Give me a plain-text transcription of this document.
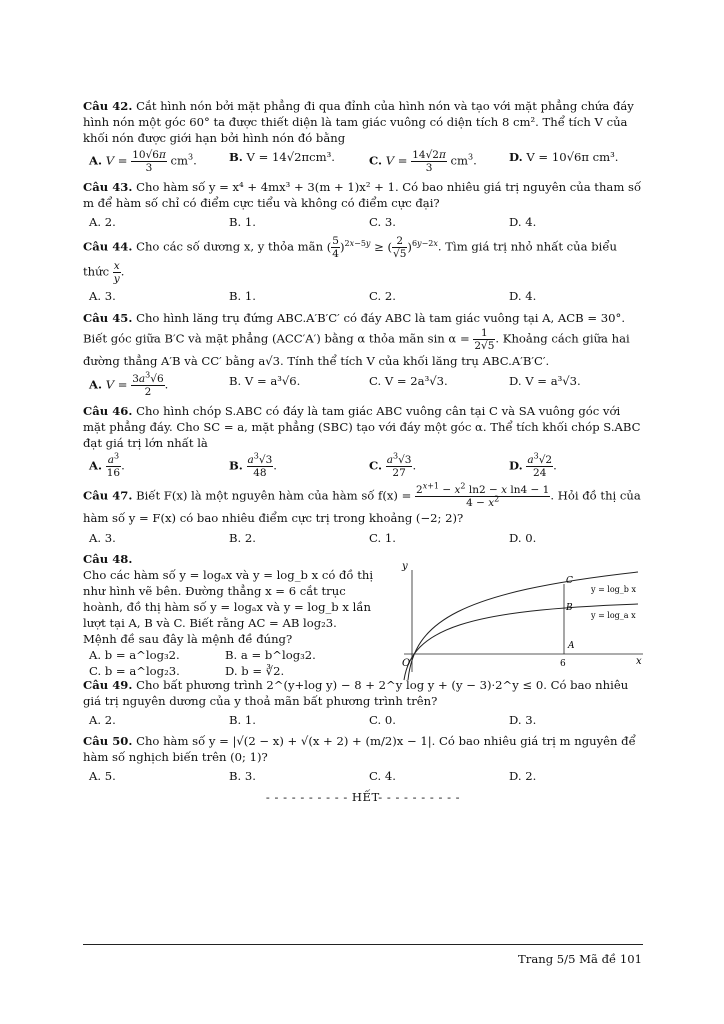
Câu 42. Cắt hình nón bởi mặt phẳng đi qua đỉnh của hình nón và tạo với mặt phẳng chứa đáy hình nón một góc 60° ta được thiết diện là tam giác vuông có diện tích 8 cm². Thể tích V của khối nón được giới hạn bởi hình nón đó bằng
A. $V = \frac{10√6\pi}{3} cm^3$.	B. V = 14√2πcm³.	C. $V = \frac{14√2\pi}{3} cm^3$.	D. V = 10√6π cm³.
Câu 43. Cho hàm số y = x⁴ + 4mx³ + 3(m + 1)x² + 1. Có bao nhiêu giá trị nguyên của tham số m để hàm số chỉ có điểm cực tiểu và không có điểm cực đại?
A. 2.	B. 1.	C. 3.	D. 4.
Câu 44. Cho các số dương x, y thỏa mãn ( $\frac{5}{4} )^{2x-5y}$ ≥ ( $\frac{2}{√5} )^{6y-2x}$. Tìm giá trị nhỏ nhất của biểu
thức $\frac{x}{y}$ .
A. 3.	B. 1.	C. 2.	D. 4.
Câu 45. Cho hình lăng trụ đứng ABC.A′B′C′ có đáy ABC là tam giác vuông tại A, ACB = 30°. Biết góc giữa B′C và mặt phẳng (ACC′A′) bằng α thỏa mãn $\sin \alpha = \frac{1}{2√5}$ . Khoảng cách giữa hai đường thẳng A′B và CC′ bằng a√3. Tính thể tích V của khối lăng trụ ABC.A′B′C′.
A. $V = \frac{3a^3√6}{2}$ .	B. V = a³√6.	C. V = 2a³√3.	D. V = a³√3.
Câu 46. Cho hình chóp S.ABC có đáy là tam giác ABC vuông cân tại C và SA vuông góc với mặt phẳng đáy. Cho SC = a, mặt phẳng (SBC) tạo với đáy một góc α. Thể tích khối chóp S.ABC đạt giá trị lớn nhất là
A. $\frac{a^3}{16}$ .	B. $\frac{a^3√3}{48}$ .	C. $\frac{a^3√3}{27}$ .	D. $\frac{a^3√2}{24}$ .
Câu 47. Biết F(x) là một nguyên hàm của hàm số $f(x) = \frac{2^{x+1} - x^2 \ln 2 - x \ln 4 - 1}{4 - x^2}$ . Hỏi đồ thị của hàm số y = F(x) có bao nhiêu điểm cực trị trong khoảng (−2; 2)?
A. 3.	B. 2.	C. 1.	D. 0.
Câu 48.
Cho các hàm số y = logₐx và y = log_b x có đồ thị như hình vẽ bên. Đường thẳng x = 6 cắt trục hoành, đồ thị hàm số y = logₐx và y = log_b x lần lượt tại A, B và C. Biết rằng AC = AB log₂3.
Mệnh đề sau đây là mệnh đề đúng?
A. b = a^log₃2.	B. a = b^log₃2.
C. b = a^log₂3.	D. b = ∛2.
y
x
O	6
A
B
C
y = log_b x
y = log_a x
Câu 49. Cho bất phương trình 2^(y+log y) − 8 + 2^y log y + (y − 3)·2^y ≤ 0. Có bao nhiêu giá trị nguyên dương của y thoả mãn bất phương trình trên?
A. 2.	B. 1.	C. 0.	D. 3.
Câu 50. Cho hàm số y = |√(2 − x) + √(x + 2) + (m/2)x − 1|. Có bao nhiêu giá trị m nguyên để hàm số nghịch biến trên (0; 1)?
A. 5.	B. 3.	C. 4.	D. 2.
- - - - - - - - - - HẾT- - - - - - - - - -
Trang 5/5 Mã đề 101
